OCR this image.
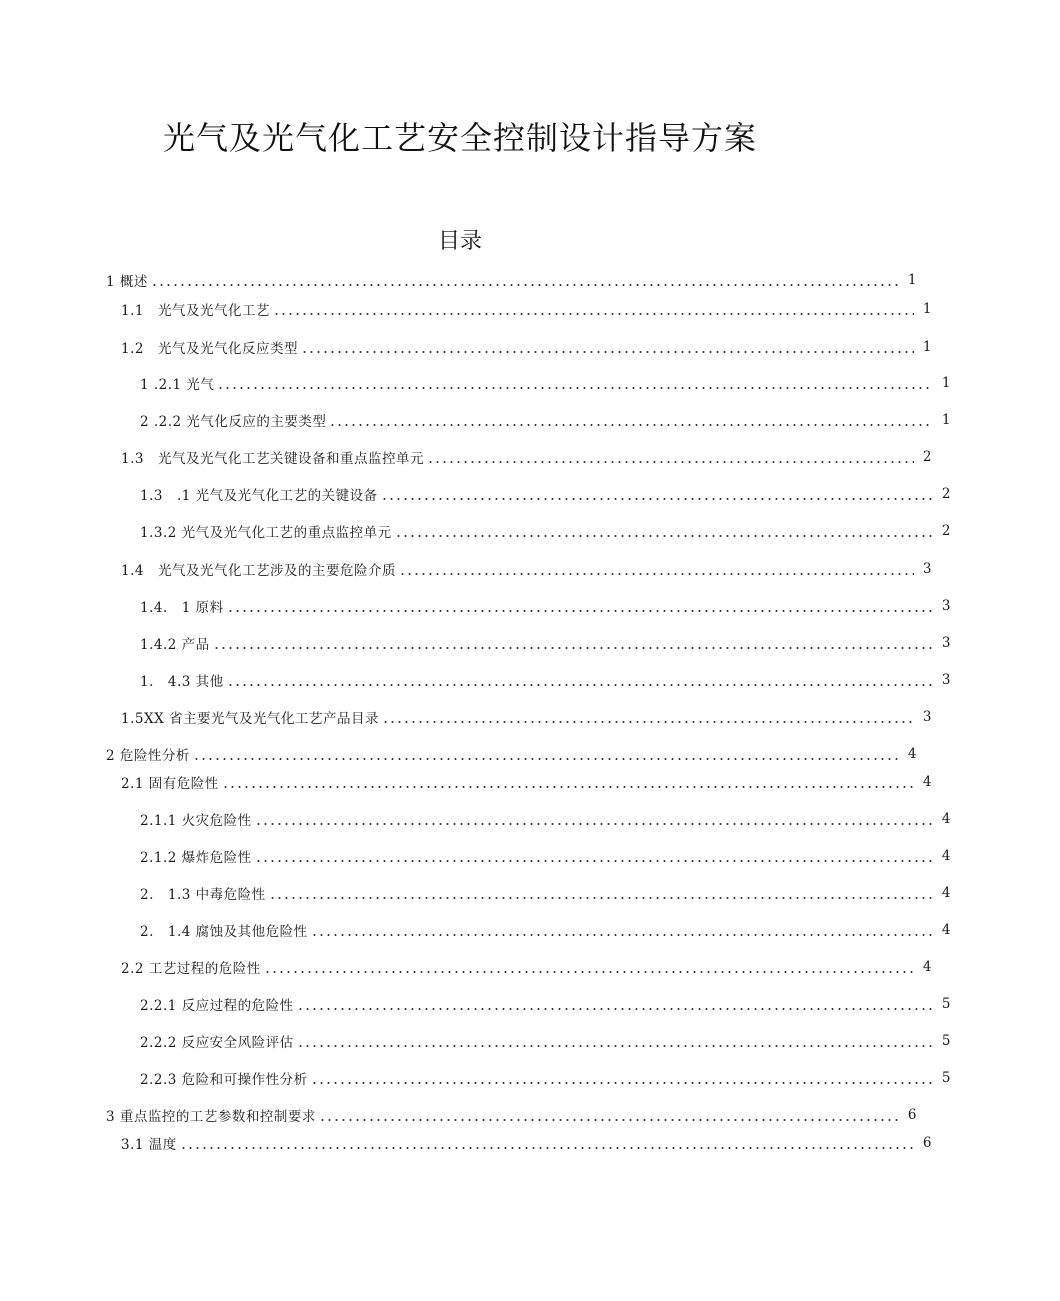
光气及光气化工艺安全控制设计指导方案
目录
1 概述	1
1.1　光气及光气化工艺	1
1.2　光气及光气化反应类型	1
1 .2.1 光气	1
2 .2.2 光气化反应的主要类型	1
1.3　光气及光气化工艺关键设备和重点监控单元	2
1.3　.1 光气及光气化工艺的关键设备	2
1.3.2 光气及光气化工艺的重点监控单元	2
1.4　光气及光气化工艺涉及的主要危险介质	3
1.4.　1 原料	3
1.4.2 产品	3
1.　4.3 其他	3
1.5XX 省主要光气及光气化工艺产品目录	3
2 危险性分析	4
2.1 固有危险性	4
2.1.1 火灾危险性	4
2.1.2 爆炸危险性	4
2.　1.3 中毒危险性	4
2.　1.4 腐蚀及其他危险性	4
2.2 工艺过程的危险性	4
2.2.1 反应过程的危险性	5
2.2.2 反应安全风险评估	5
2.2.3 危险和可操作性分析	5
3 重点监控的工艺参数和控制要求	6
3.1 温度	6
